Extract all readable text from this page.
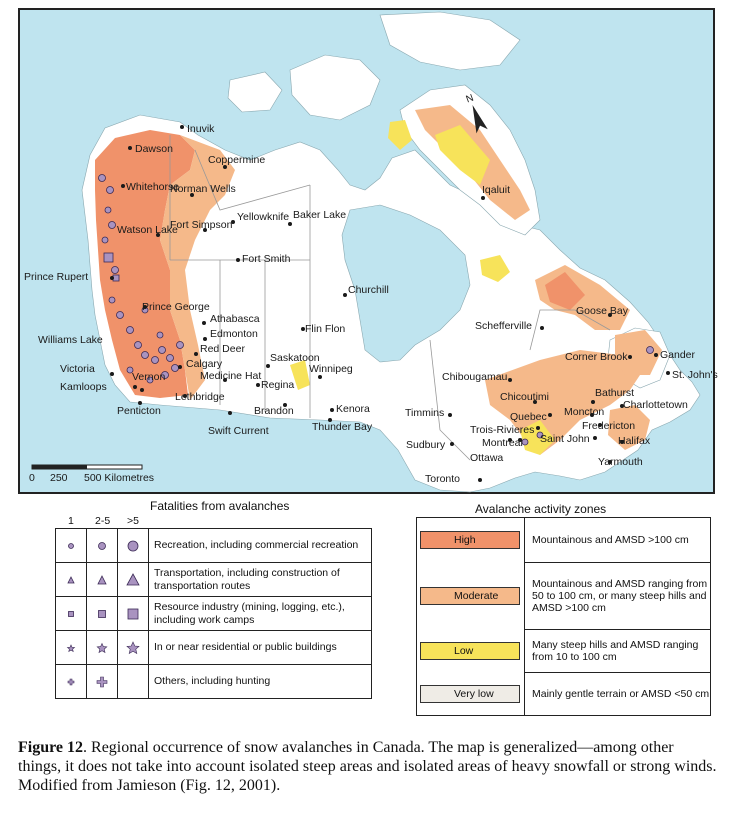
Inuvik
Dawson
Coppermine
Whitehorse
Norman Wells
Yellowknife
Fort Simpson
Baker Lake
Watson Lake
Fort Smith
Prince Rupert
Churchill
Prince George
Athabasca
Edmonton
Red Deer
Williams Lake
Calgary	Saskatoon
Flin Flon
Medicine Hat
Regina
Victoria
Kamloops
Lethbridge
Vernon
Penticton
Winnipeg
Brandon	Kenora
Thunder Bay
Swift Current
Timmins
Sudbury
Toronto
Ottawa
Montreal
Trois-Rivieres
Quebec
Chicoutimi
Chibougamau
Schefferville
Goose Bay
Corner Brook	Gander
St. John's
Bathurst
Moncton
Charlottetown
Fredericton
Saint John	Halifax
Yarmouth
Iqaluit
N
0 250 500 Kilometres
Fatalities from avalanches
1 2-5 >5

	Recreation, including commercial recreation

	Transportation, including construction of transportation routes

	Resource industry (mining, logging, etc.), including work camps

	In or near residential or public buildings

		Others, including hunting
Avalanche activity zones
High	Mountainous and AMSD >100 cm

Moderate	Mountainous and AMSD ranging from 50 to 100 cm, or many steep hills and AMSD >100 cm

Low	Many steep hills and AMSD ranging from 10 to 100 cm

Very low	Mainly gentle terrain or AMSD <50 cm
Figure 12. Regional occurrence of snow avalanches in Canada. The map is generalized—among other things, it does not take into account isolated steep areas and isolated areas of heavy snowfall or strong winds. Modified from Jamieson (Fig. 12, 2001).
